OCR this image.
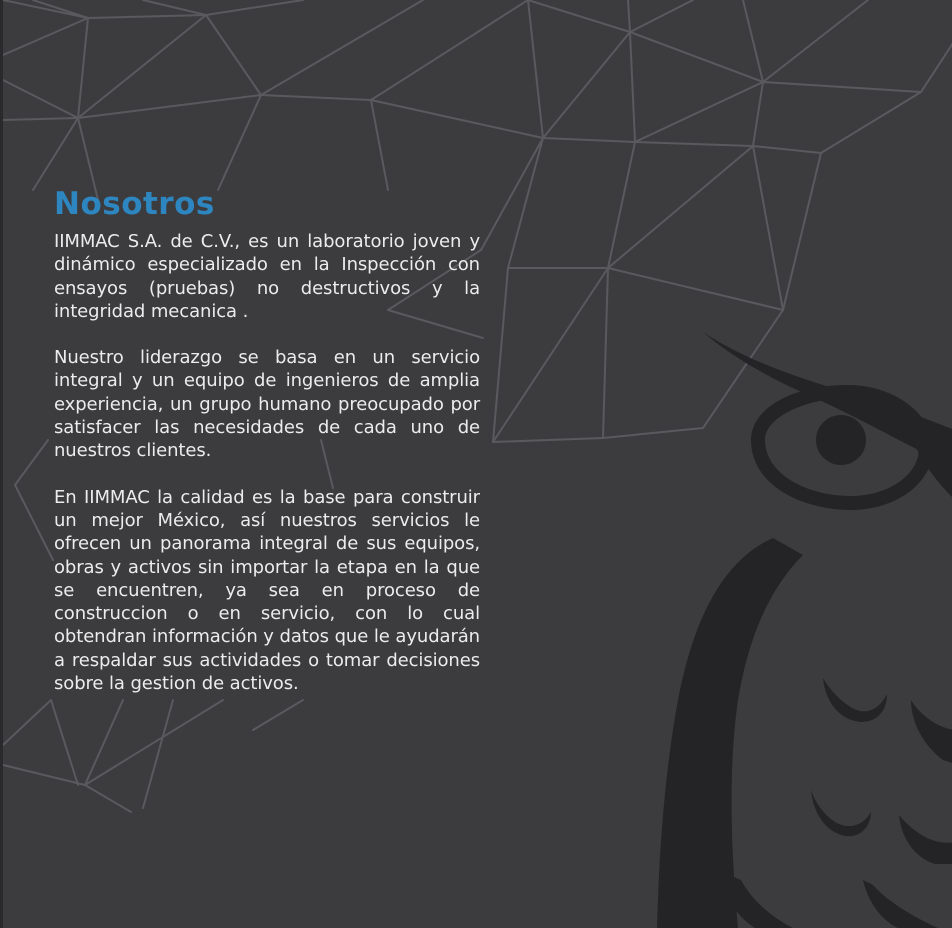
Nosotros

IIMMAC S.A. de C.V., es un laboratorio joven y dinámico especializado en la Inspección con ensayos (pruebas) no destructivos y la integridad mecanica .

Nuestro liderazgo se basa en un servicio integral y un equipo de ingenieros de amplia experiencia, un grupo humano preocupado por satisfacer las necesidades de cada uno de nuestros clientes.

En IIMMAC la calidad es la base para construir un mejor México, así nuestros servicios le ofrecen un panorama integral de sus equipos, obras y activos sin importar la etapa en la que se encuentren, ya sea en proceso de construccion o en servicio, con lo cual obtendran información y datos que le ayudarán a respaldar sus actividades o tomar decisiones sobre la gestion de activos.
